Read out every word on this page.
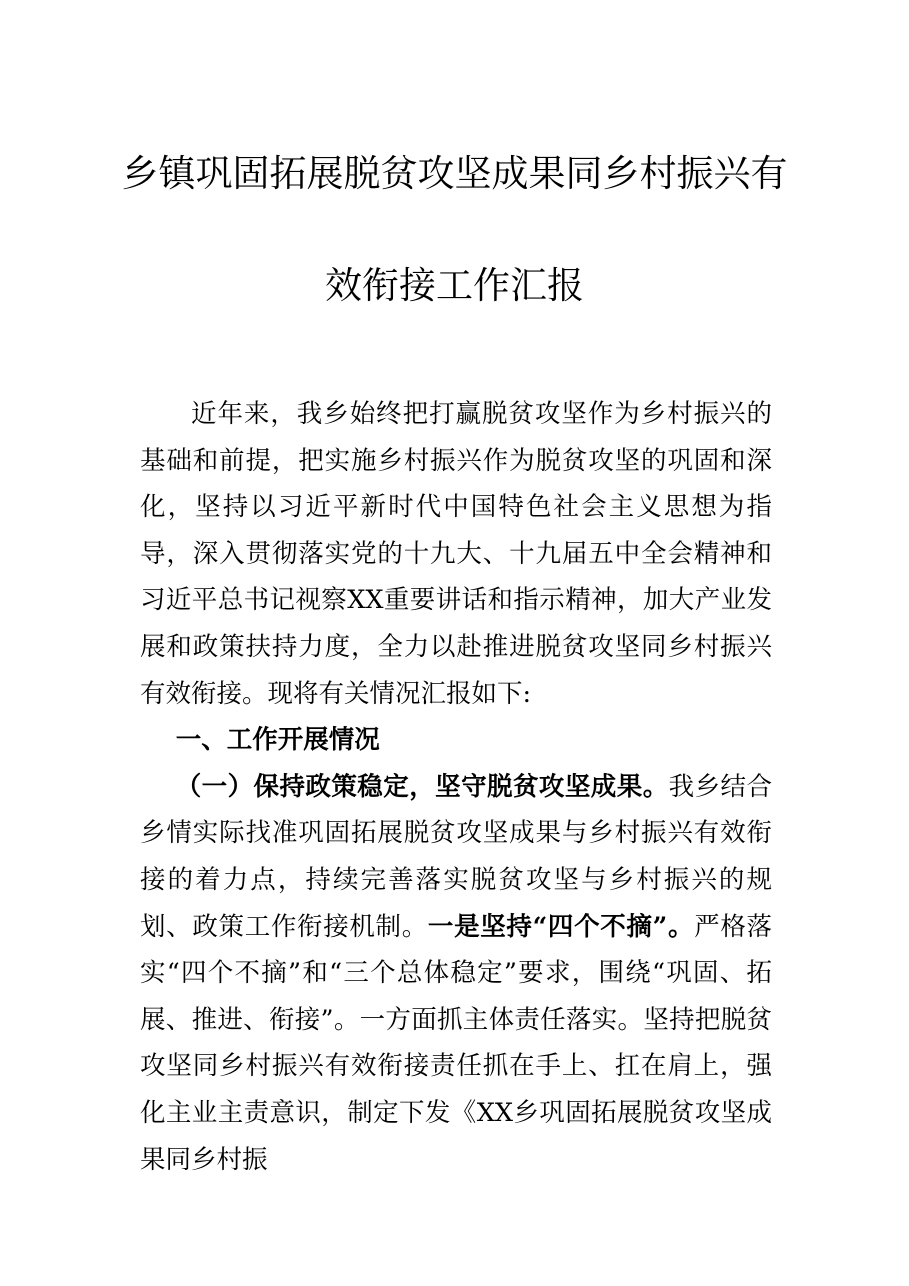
乡镇巩固拓展脱贫攻坚成果同乡村振兴有
效衔接工作汇报

近年来，我乡始终把打赢脱贫攻坚作为乡村振兴的基础和前提，把实施乡村振兴作为脱贫攻坚的巩固和深化，坚持以习近平新时代中国特色社会主义思想为指导，深入贯彻落实党的十九大、十九届五中全会精神和习近平总书记视察XX重要讲话和指示精神，加大产业发展和政策扶持力度，全力以赴推进脱贫攻坚同乡村振兴有效衔接。现将有关情况汇报如下:

一、工作开展情况

（一）保持政策稳定，坚守脱贫攻坚成果。我乡结合乡情实际找准巩固拓展脱贫攻坚成果与乡村振兴有效衔接的着力点，持续完善落实脱贫攻坚与乡村振兴的规划、政策工作衔接机制。一是坚持“四个不摘”。严格落实“四个不摘”和“三个总体稳定”要求，围绕“巩固、拓展、推进、衔接”。一方面抓主体责任落实。坚持把脱贫攻坚同乡村振兴有效衔接责任抓在手上、扛在肩上，强化主业主责意识，制定下发《XX乡巩固拓展脱贫攻坚成果同乡村振
